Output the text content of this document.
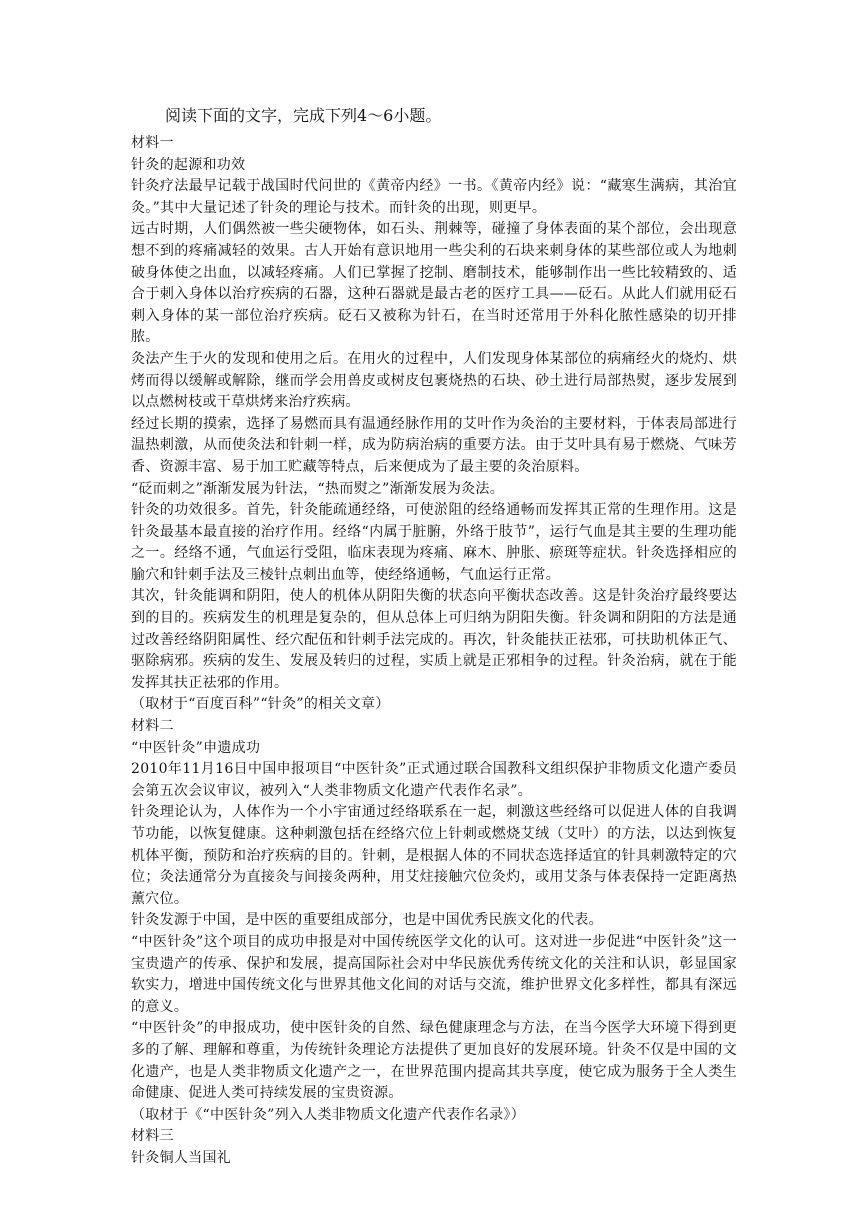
阅读下面的文字，完成下列4～6小题。

材料一

针灸的起源和功效

针灸疗法最早记载于战国时代问世的《黄帝内经》一书。《黄帝内经》说：“藏寒生满病，其治宜灸。”其中大量记述了针灸的理论与技术。而针灸的出现，则更早。

远古时期，人们偶然被一些尖硬物体，如石头、荆棘等，碰撞了身体表面的某个部位，会出现意想不到的疼痛减轻的效果。古人开始有意识地用一些尖利的石块来刺身体的某些部位或人为地刺破身体使之出血，以减轻疼痛。人们已掌握了挖制、磨制技术，能够制作出一些比较精致的、适合于刺入身体以治疗疾病的石器，这种石器就是最古老的医疗工具——砭石。从此人们就用砭石刺入身体的某一部位治疗疾病。砭石又被称为针石，在当时还常用于外科化脓性感染的切开排脓。

灸法产生于火的发现和使用之后。在用火的过程中，人们发现身体某部位的病痛经火的烧灼、烘烤而得以缓解或解除，继而学会用兽皮或树皮包裹烧热的石块、砂土进行局部热熨，逐步发展到以点燃树枝或干草烘烤来治疗疾病。

经过长期的摸索，选择了易燃而具有温通经脉作用的艾叶作为灸治的主要材料，于体表局部进行温热刺激，从而使灸法和针刺一样，成为防病治病的重要方法。由于艾叶具有易于燃烧、气味芳香、资源丰富、易于加工贮藏等特点，后来便成为了最主要的灸治原料。

“砭而刺之”渐渐发展为针法，“热而熨之”渐渐发展为灸法。

针灸的功效很多。首先，针灸能疏通经络，可使淤阻的经络通畅而发挥其正常的生理作用。这是针灸最基本最直接的治疗作用。经络“内属于脏腑，外络于肢节”，运行气血是其主要的生理功能之一。经络不通，气血运行受阻，临床表现为疼痛、麻木、肿胀、瘀斑等症状。针灸选择相应的腧穴和针刺手法及三棱针点刺出血等，使经络通畅，气血运行正常。

其次，针灸能调和阴阳，使人的机体从阴阳失衡的状态向平衡状态改善。这是针灸治疗最终要达到的目的。疾病发生的机理是复杂的，但从总体上可归纳为阴阳失衡。针灸调和阴阳的方法是通过改善经络阴阳属性、经穴配伍和针刺手法完成的。再次，针灸能扶正祛邪，可扶助机体正气、驱除病邪。疾病的发生、发展及转归的过程，实质上就是正邪相争的过程。针灸治病，就在于能发挥其扶正祛邪的作用。

（取材于“百度百科”“针灸”的相关文章）

材料二

“中医针灸”申遗成功

2010年11月16日中国申报项目“中医针灸”正式通过联合国教科文组织保护非物质文化遗产委员会第五次会议审议，被列入“人类非物质文化遗产代表作名录”。

针灸理论认为，人体作为一个小宇宙通过经络联系在一起，刺激这些经络可以促进人体的自我调节功能，以恢复健康。这种刺激包括在经络穴位上针刺或燃烧艾绒（艾叶）的方法，以达到恢复机体平衡，预防和治疗疾病的目的。针刺，是根据人体的不同状态选择适宜的针具刺激特定的穴位；灸法通常分为直接灸与间接灸两种，用艾炷接触穴位灸灼，或用艾条与体表保持一定距离热薰穴位。

针灸发源于中国，是中医的重要组成部分，也是中国优秀民族文化的代表。

“中医针灸”这个项目的成功申报是对中国传统医学文化的认可。这对进一步促进“中医针灸”这一宝贵遗产的传承、保护和发展，提高国际社会对中华民族优秀传统文化的关注和认识，彰显国家软实力，增进中国传统文化与世界其他文化间的对话与交流，维护世界文化多样性，都具有深远的意义。

“中医针灸”的申报成功，使中医针灸的自然、绿色健康理念与方法，在当今医学大环境下得到更多的了解、理解和尊重，为传统针灸理论方法提供了更加良好的发展环境。针灸不仅是中国的文化遗产，也是人类非物质文化遗产之一，在世界范围内提高其共享度，使它成为服务于全人类生命健康、促进人类可持续发展的宝贵资源。

（取材于《“中医针灸”列入人类非物质文化遗产代表作名录》）

材料三

针灸铜人当国礼
